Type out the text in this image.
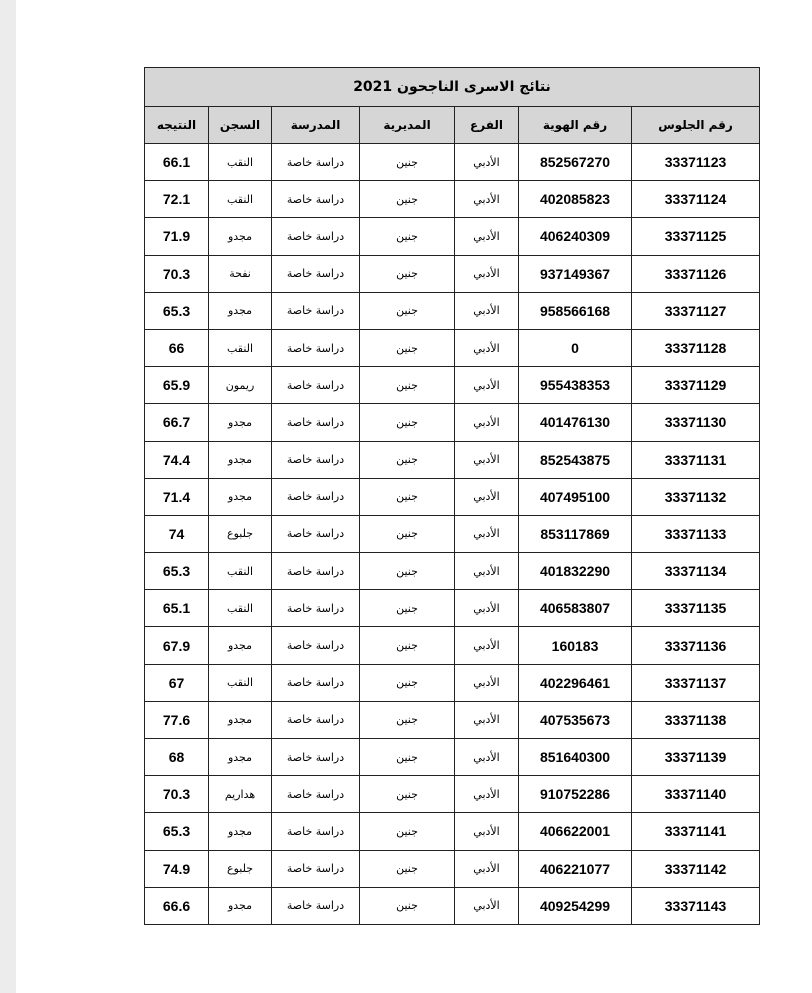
نتائج الاسرى الناجحون 2021						
رقم الجلوس	رقم الهوية	الفرع	المديرية	المدرسة	السجن	النتيجه
33371123	852567270	الأدبي	جنين	دراسة خاصة	النقب	66.1
33371124	402085823	الأدبي	جنين	دراسة خاصة	النقب	72.1
33371125	406240309	الأدبي	جنين	دراسة خاصة	مجدو	71.9
33371126	937149367	الأدبي	جنين	دراسة خاصة	نفحة	70.3
33371127	958566168	الأدبي	جنين	دراسة خاصة	مجدو	65.3
33371128	0	الأدبي	جنين	دراسة خاصة	النقب	66
33371129	955438353	الأدبي	جنين	دراسة خاصة	ريمون	65.9
33371130	401476130	الأدبي	جنين	دراسة خاصة	مجدو	66.7
33371131	852543875	الأدبي	جنين	دراسة خاصة	مجدو	74.4
33371132	407495100	الأدبي	جنين	دراسة خاصة	مجدو	71.4
33371133	853117869	الأدبي	جنين	دراسة خاصة	جلبوع	74
33371134	401832290	الأدبي	جنين	دراسة خاصة	النقب	65.3
33371135	406583807	الأدبي	جنين	دراسة خاصة	النقب	65.1
33371136	160183	الأدبي	جنين	دراسة خاصة	مجدو	67.9
33371137	402296461	الأدبي	جنين	دراسة خاصة	النقب	67
33371138	407535673	الأدبي	جنين	دراسة خاصة	مجدو	77.6
33371139	851640300	الأدبي	جنين	دراسة خاصة	مجدو	68
33371140	910752286	الأدبي	جنين	دراسة خاصة	هداريم	70.3
33371141	406622001	الأدبي	جنين	دراسة خاصة	مجدو	65.3
33371142	406221077	الأدبي	جنين	دراسة خاصة	جلبوع	74.9
33371143	409254299	الأدبي	جنين	دراسة خاصة	مجدو	66.6
